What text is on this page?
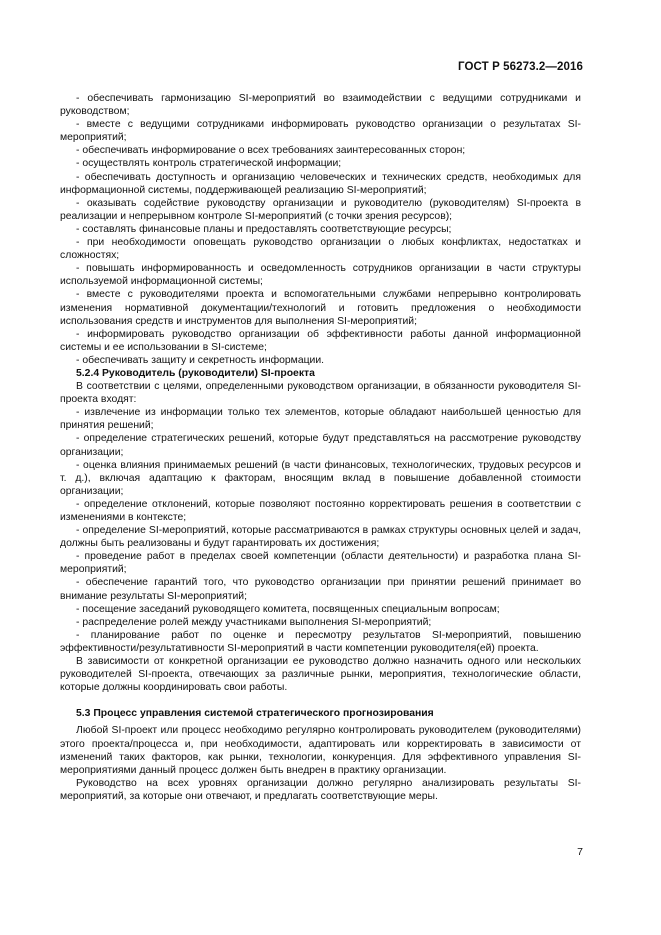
ГОСТ Р 56273.2—2016

- обеспечивать гармонизацию SI-мероприятий во взаимодействии с ведущими сотрудниками и руководством;

- вместе с ведущими сотрудниками информировать руководство организации о результатах SI-мероприятий;

- обеспечивать информирование о всех требованиях заинтересованных сторон;

- осуществлять контроль стратегической информации;

- обеспечивать доступность и организацию человеческих и технических средств, необходимых для информационной системы, поддерживающей реализацию SI-мероприятий;

- оказывать содействие руководству организации и руководителю (руководителям) SI-проекта в реализации и непрерывном контроле SI-мероприятий (с точки зрения ресурсов);

- составлять финансовые планы и предоставлять соответствующие ресурсы;

- при необходимости оповещать руководство организации о любых конфликтах, недостатках и сложностях;

- повышать информированность и осведомленность сотрудников организации в части структуры используемой информационной системы;

- вместе с руководителями проекта и вспомогательными службами непрерывно контролировать изменения нормативной документации/технологий и готовить предложения о необходимости использования средств и инструментов для выполнения SI-мероприятий;

- информировать руководство организации об эффективности работы данной информационной системы и ее использовании в SI-системе;

- обеспечивать защиту и секретность информации.

5.2.4 Руководитель (руководители) SI-проекта

В соответствии с целями, определенными руководством организации, в обязанности руководителя SI-проекта входят:

- извлечение из информации только тех элементов, которые обладают наибольшей ценностью для принятия решений;

- определение стратегических решений, которые будут представляться на рассмотрение руководству организации;

- оценка влияния принимаемых решений (в части финансовых, технологических, трудовых ресурсов и т. д.), включая адаптацию к факторам, вносящим вклад в повышение добавленной стоимости организации;

- определение отклонений, которые позволяют постоянно корректировать решения в соответствии с изменениями в контексте;

- определение SI-мероприятий, которые рассматриваются в рамках структуры основных целей и задач, должны быть реализованы и будут гарантировать их достижения;

- проведение работ в пределах своей компетенции (области деятельности) и разработка плана SI-мероприятий;

- обеспечение гарантий того, что руководство организации при принятии решений принимает во внимание результаты SI-мероприятий;

- посещение заседаний руководящего комитета, посвященных специальным вопросам;

- распределение ролей между участниками выполнения SI-мероприятий;

- планирование работ по оценке и пересмотру результатов SI-мероприятий, повышению эффективности/результативности SI-мероприятий в части компетенции руководителя(ей) проекта.

В зависимости от конкретной организации ее руководство должно назначить одного или нескольких руководителей SI-проекта, отвечающих за различные рынки, мероприятия, технологические области, которые должны координировать свои работы.

5.3 Процесс управления системой стратегического прогнозирования

Любой SI-проект или процесс необходимо регулярно контролировать руководителем (руководителями) этого проекта/процесса и, при необходимости, адаптировать или корректировать в зависимости от изменений таких факторов, как рынки, технологии, конкуренция. Для эффективного управления SI-мероприятиями данный процесс должен быть внедрен в практику организации.

Руководство на всех уровнях организации должно регулярно анализировать результаты SI-мероприятий, за которые они отвечают, и предлагать соответствующие меры.

7
